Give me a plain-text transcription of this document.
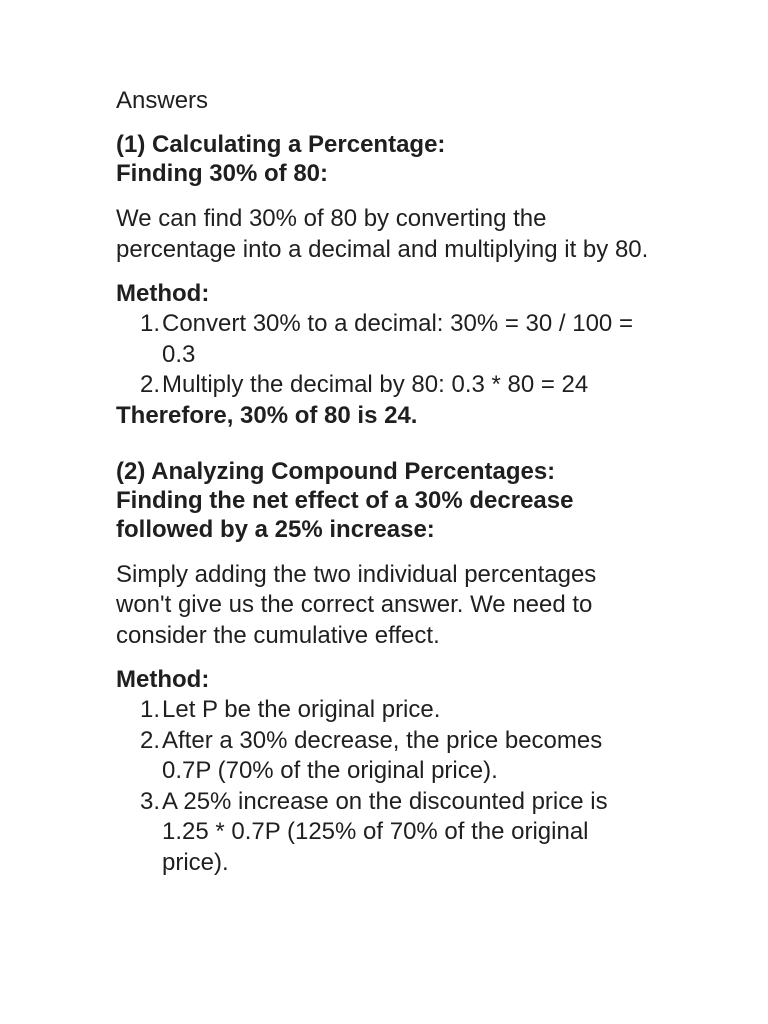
Answers

(1) Calculating a Percentage:

Finding 30% of 80:

We can find 30% of 80 by converting the percentage into a decimal and multiplying it by 80.

Method:

1. Convert 30% to a decimal: 30% = 30 / 100 = 0.3
2. Multiply the decimal by 80: 0.3 * 80 = 24

Therefore, 30% of 80 is 24.

(2) Analyzing Compound Percentages:

Finding the net effect of a 30% decrease followed by a 25% increase:

Simply adding the two individual percentages won't give us the correct answer. We need to consider the cumulative effect.

Method:

1. Let P be the original price.
2. After a 30% decrease, the price becomes 0.7P (70% of the original price).
3. A 25% increase on the discounted price is 1.25 * 0.7P (125% of 70% of the original price).
